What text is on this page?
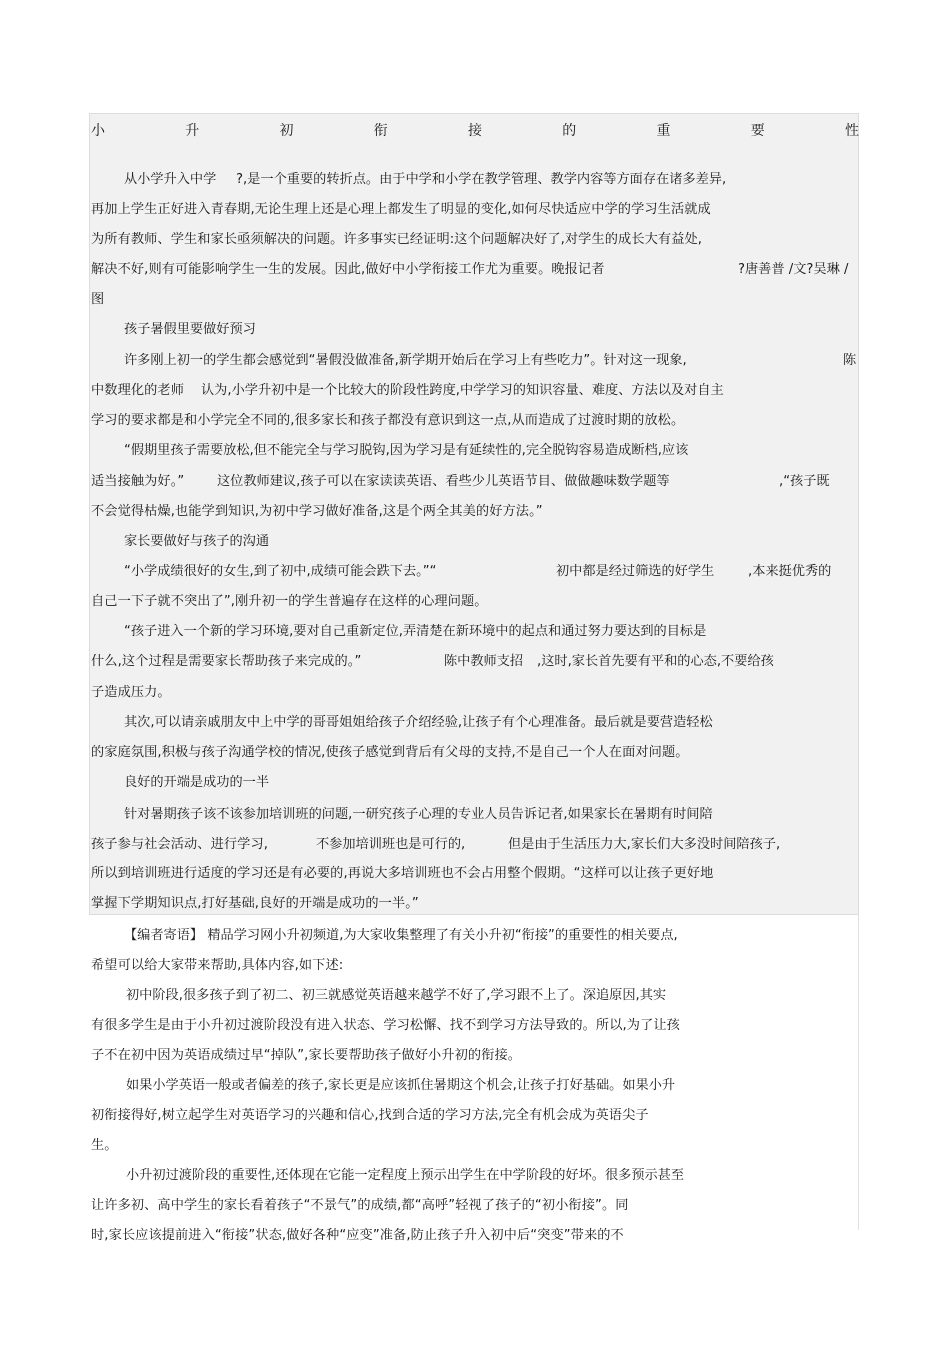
小	升	初	衔	接	的	重	要	性
从小学升入中学 ?,是一个重要的转折点。由于中学和小学在教学管理、教学内容等方面存在诸多差异,
再加上学生正好进入青春期,无论生理上还是心理上都发生了明显的变化,如何尽快适应中学的学习生活就成
为所有教师、学生和家长亟须解决的问题。许多事实已经证明:这个问题解决好了,对学生的成长大有益处,
解决不好,则有可能影响学生一生的发展。因此,做好中小学衔接工作尤为重要。晚报记者	?唐善普 /文?吴琳 /
图
孩子暑假里要做好预习
许多刚上初一的学生都会感觉到“暑假没做准备,新学期开始后在学习上有些吃力”。针对这一现象,	陈
中数理化的老师 认为,小学升初中是一个比较大的阶段性跨度,中学学习的知识容量、难度、方法以及对自主
学习的要求都是和小学完全不同的,很多家长和孩子都没有意识到这一点,从而造成了过渡时期的放松。
“假期里孩子需要放松,但不能完全与学习脱钩,因为学习是有延续性的,完全脱钩容易造成断档,应该
适当接触为好。” 这位教师建议,孩子可以在家读读英语、看些少儿英语节目、做做趣味数学题等	,“孩子既
不会觉得枯燥,也能学到知识,为初中学习做好准备,这是个两全其美的好方法。”
家长要做好与孩子的沟通
“小学成绩很好的女生,到了初中,成绩可能会跌下去。”“	初中都是经过筛选的好学生	,本来挺优秀的
自己一下子就不突出了”,刚升初一的学生普遍存在这样的心理问题。
“孩子进入一个新的学习环境,要对自己重新定位,弄清楚在新环境中的起点和通过努力要达到的目标是
什么,这个过程是需要家长帮助孩子来完成的。”	陈中教师支招 ,这时,家长首先要有平和的心态,不要给孩
子造成压力。
其次,可以请亲戚朋友中上中学的哥哥姐姐给孩子介绍经验,让孩子有个心理准备。最后就是要营造轻松
的家庭氛围,积极与孩子沟通学校的情况,使孩子感觉到背后有父母的支持,不是自己一个人在面对问题。
良好的开端是成功的一半
针对暑期孩子该不该参加培训班的问题,一研究孩子心理的专业人员告诉记者,如果家长在暑期有时间陪
孩子参与社会活动、进行学习,	不参加培训班也是可行的,	但是由于生活压力大,家长们大多没时间陪孩子,
所以到培训班进行适度的学习还是有必要的,再说大多培训班也不会占用整个假期。“这样可以让孩子更好地
掌握下学期知识点,打好基础,良好的开端是成功的一半。”
【编者寄语】 精品学习网小升初频道,为大家收集整理了有关小升初“衔接”的重要性的相关要点,
希望可以给大家带来帮助,具体内容,如下述:
初中阶段,很多孩子到了初二、初三就感觉英语越来越学不好了,学习跟不上了。深追原因,其实
有很多学生是由于小升初过渡阶段没有进入状态、学习松懈、找不到学习方法导致的。所以,为了让孩
子不在初中因为英语成绩过早“掉队”,家长要帮助孩子做好小升初的衔接。
如果小学英语一般或者偏差的孩子,家长更是应该抓住暑期这个机会,让孩子打好基础。如果小升
初衔接得好,树立起学生对英语学习的兴趣和信心,找到合适的学习方法,完全有机会成为英语尖子
生。
小升初过渡阶段的重要性,还体现在它能一定程度上预示出学生在中学阶段的好坏。很多预示甚至
让许多初、高中学生的家长看着孩子“不景气”的成绩,都“高呼”轻视了孩子的“初小衔接”。同
时,家长应该提前进入“衔接”状态,做好各种“应变”准备,防止孩子升入初中后“突变”带来的不
